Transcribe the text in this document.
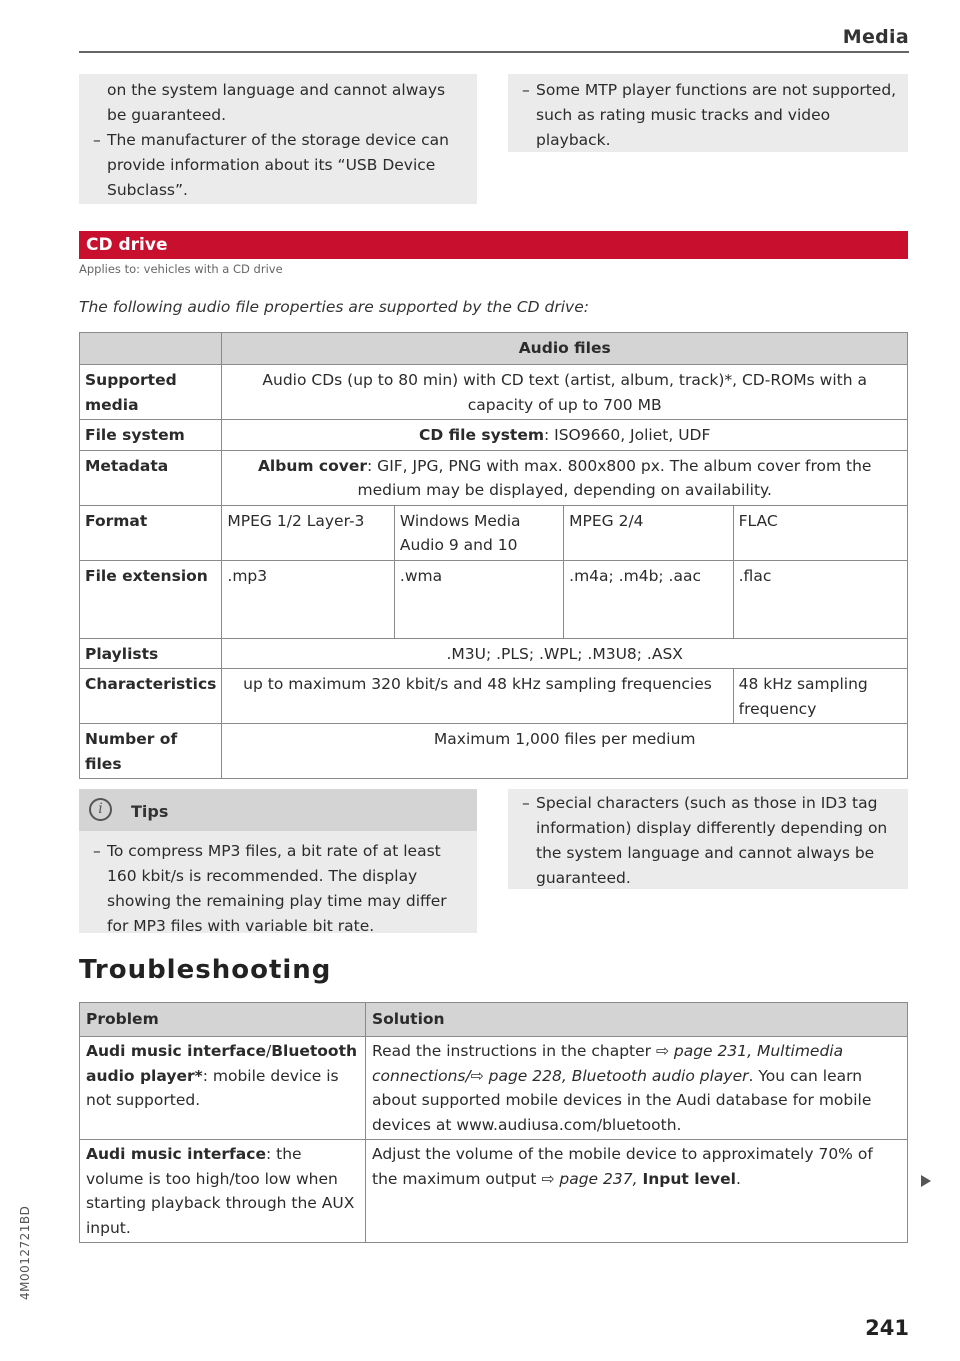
Media
on the system language and cannot always be guaranteed.
– The manufacturer of the storage device can provide information about its “USB Device Subclass”.
– Some MTP player functions are not supported, such as rating music tracks and video playback.
CD drive
Applies to: vehicles with a CD drive
The following audio file properties are supported by the CD drive:
	Audio files			
Supported media	Audio CDs (up to 80 min) with CD text (artist, album, track)*, CD-ROMs with a capacity of up to 700 MB			
File system	CD file system: ISO9660, Joliet, UDF			
Metadata	Album cover: GIF, JPG, PNG with max. 800x800 px. The album cover from the medium may be displayed, depending on availability.			
Format	MPEG 1/2 Layer-3	Windows Media Audio 9 and 10	MPEG 2/4	FLAC
File extension	.mp3	.wma	.m4a; .m4b; .aac	.flac
Playlists	.M3U; .PLS; .WPL; .M3U8; .ASX			
Characteristics	up to maximum 320 kbit/s and 48 kHz sampling frequencies			48 kHz sampling frequency
Number of files	Maximum 1,000 files per medium			
i	Tips
– To compress MP3 files, a bit rate of at least 160 kbit/s is recommended. The display showing the remaining play time may differ for MP3 files with variable bit rate.
– Special characters (such as those in ID3 tag information) display differently depending on the system language and cannot always be guaranteed.
Troubleshooting
Problem	Solution
Audi music interface/Bluetooth audio player*: mobile device is not supported.	Read the instructions in the chapter ⇨ page 231, Multimedia connections/⇨ page 228, Bluetooth audio player. You can learn about supported mobile devices in the Audi database for mobile devices at www.audiusa.com/bluetooth.
Audi music interface: the volume is too high/too low when starting playback through the AUX input.	Adjust the volume of the mobile device to approximately 70% of the maximum output ⇨ page 237, Input level.
4M0012721BD
241
